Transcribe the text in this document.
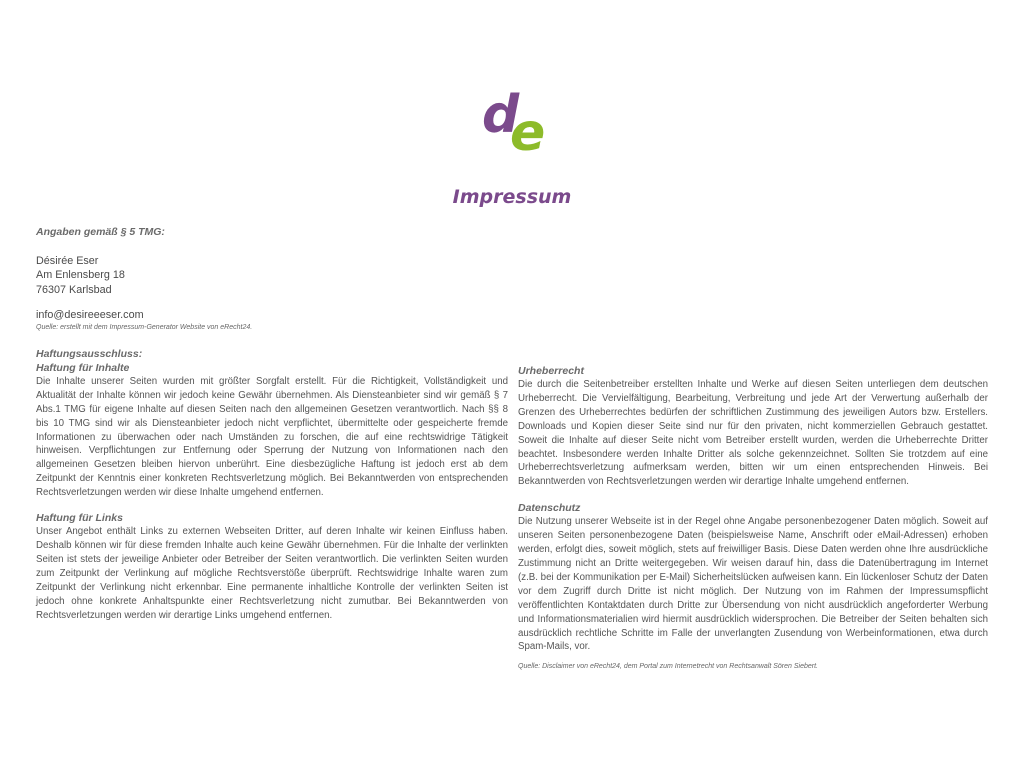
d
e
Impressum
Angaben gemäß § 5 TMG:
Désirée Eser
Am Enlensberg 18
76307 Karlsbad
info@desireeeser.com
Quelle: erstellt mit dem Impressum-Generator Website von eRecht24.
Haftungsausschluss:
Haftung für Inhalte

Die Inhalte unserer Seiten wurden mit größter Sorgfalt erstellt. Für die Richtigkeit, Vollständigkeit und Aktualität der Inhalte können wir jedoch keine Gewähr übernehmen. Als Diensteanbieter sind wir gemäß § 7 Abs.1 TMG für eigene Inhalte auf diesen Seiten nach den allgemeinen Gesetzen verantwortlich. Nach §§ 8 bis 10 TMG sind wir als Diensteanbieter jedoch nicht verpflichtet, übermittelte oder gespeicherte fremde Informationen zu überwachen oder nach Umständen zu forschen, die auf eine rechtswidrige Tätigkeit hinweisen. Verpflichtungen zur Entfernung oder Sperrung der Nutzung von Informationen nach den allgemeinen Gesetzen bleiben hiervon unberührt. Eine diesbezügliche Haftung ist jedoch erst ab dem Zeitpunkt der Kenntnis einer konkreten Rechtsverletzung möglich. Bei Bekanntwerden von entsprechenden Rechtsverletzungen werden wir diese Inhalte umgehend entfernen.

Haftung für Links

Unser Angebot enthält Links zu externen Webseiten Dritter, auf deren Inhalte wir keinen Einfluss haben. Deshalb können wir für diese fremden Inhalte auch keine Gewähr übernehmen. Für die Inhalte der verlinkten Seiten ist stets der jeweilige Anbieter oder Betreiber der Seiten verantwortlich. Die verlinkten Seiten wurden zum Zeitpunkt der Verlinkung auf mögliche Rechtsverstöße überprüft. Rechtswidrige Inhalte waren zum Zeitpunkt der Verlinkung nicht erkennbar. Eine permanente inhaltliche Kontrolle der verlinkten Seiten ist jedoch ohne konkrete Anhaltspunkte einer Rechtsverletzung nicht zumutbar. Bei Bekanntwerden von Rechtsverletzungen werden wir derartige Links umgehend entfernen.

Urheberrecht

Die durch die Seitenbetreiber erstellten Inhalte und Werke auf diesen Seiten unterliegen dem deutschen Urheberrecht. Die Vervielfältigung, Bearbeitung, Verbreitung und jede Art der Verwertung außerhalb der Grenzen des Urheberrechtes bedürfen der schriftlichen Zustimmung des jeweiligen Autors bzw. Erstellers. Downloads und Kopien dieser Seite sind nur für den privaten, nicht kommerziellen Gebrauch gestattet. Soweit die Inhalte auf dieser Seite nicht vom Betreiber erstellt wurden, werden die Urheberrechte Dritter beachtet. Insbesondere werden Inhalte Dritter als solche gekennzeichnet. Sollten Sie trotzdem auf eine Urheberrechtsverletzung aufmerksam werden, bitten wir um einen entsprechenden Hinweis. Bei Bekanntwerden von Rechtsverletzungen werden wir derartige Inhalte umgehend entfernen.

Datenschutz

Die Nutzung unserer Webseite ist in der Regel ohne Angabe personenbezogener Daten möglich. Soweit auf unseren Seiten personenbezogene Daten (beispielsweise Name, Anschrift oder eMail-Adressen) erhoben werden, erfolgt dies, soweit möglich, stets auf freiwilliger Basis. Diese Daten werden ohne Ihre ausdrückliche Zustimmung nicht an Dritte weitergegeben. Wir weisen darauf hin, dass die Datenübertragung im Internet (z.B. bei der Kommunikation per E-Mail) Sicherheitslücken aufweisen kann. Ein lückenloser Schutz der Daten vor dem Zugriff durch Dritte ist nicht möglich. Der Nutzung von im Rahmen der Impressumspflicht veröffentlichten Kontaktdaten durch Dritte zur Übersendung von nicht ausdrücklich angeforderter Werbung und Informationsmaterialien wird hiermit ausdrücklich widersprochen. Die Betreiber der Seiten behalten sich ausdrücklich rechtliche Schritte im Falle der unverlangten Zusendung von Werbeinformationen, etwa durch Spam-Mails, vor.

Quelle: Disclaimer von eRecht24, dem Portal zum Internetrecht von Rechtsanwalt Sören Siebert.
